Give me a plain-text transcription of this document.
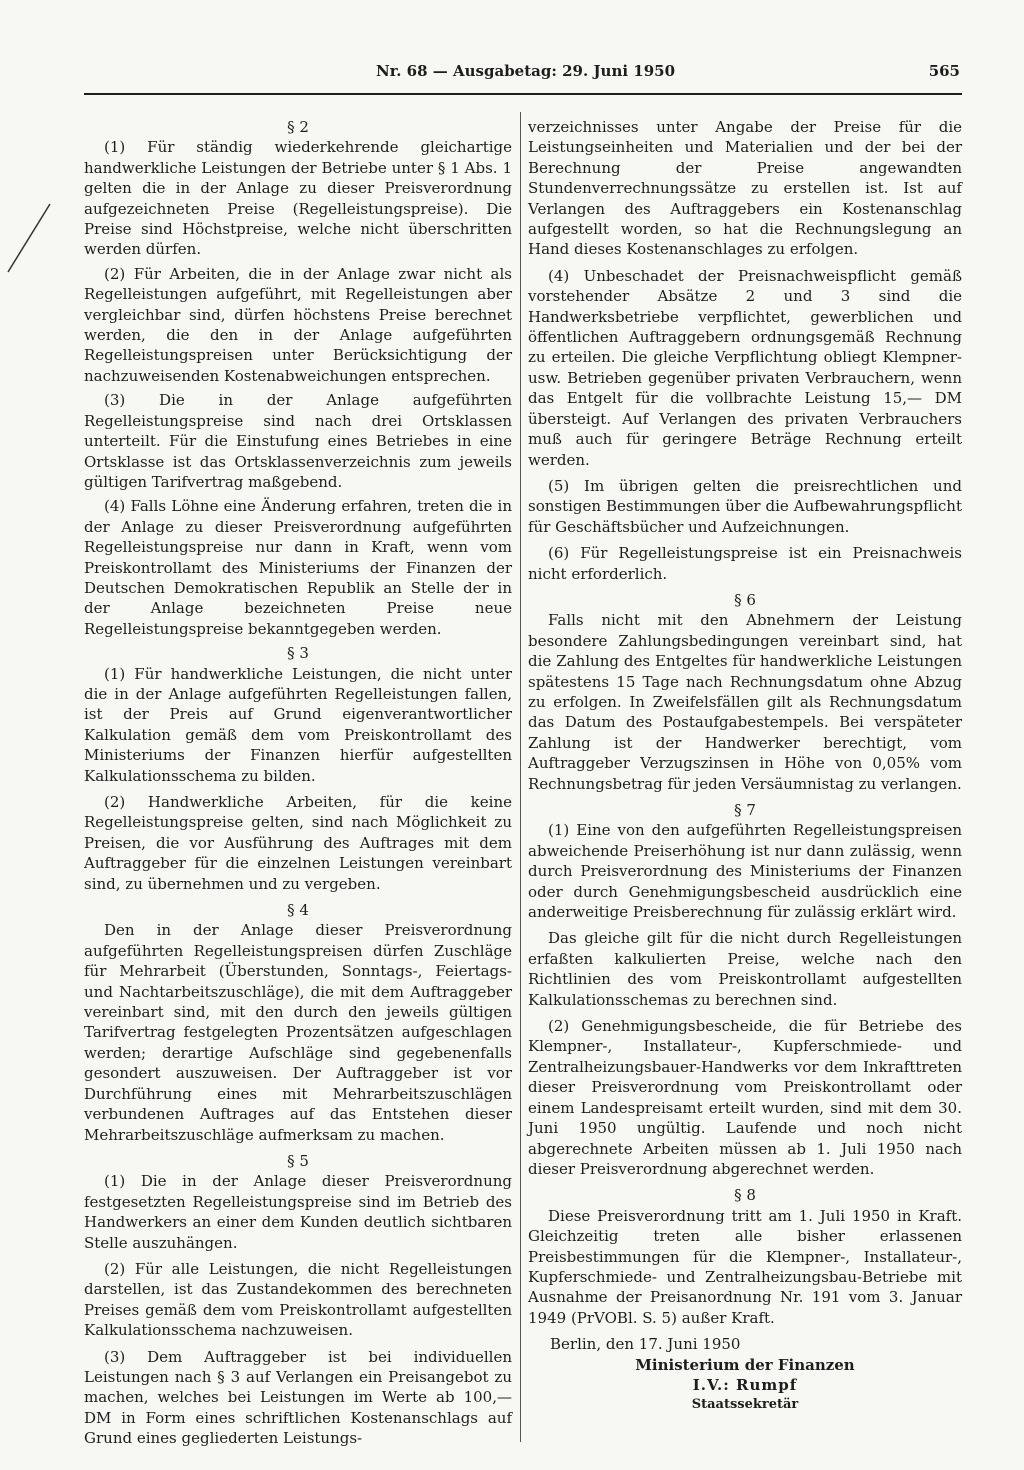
Nr. 68 — Ausgabetag: 29. Juni 1950	565

§ 2

(1) Für ständig wiederkehrende gleichartige handwerkliche Leistungen der Betriebe unter § 1 Abs. 1 gelten die in der Anlage zu dieser Preisverordnung aufgezeichneten Preise (Regelleistungspreise). Die Preise sind Höchstpreise, welche nicht überschritten werden dürfen.

(2) Für Arbeiten, die in der Anlage zwar nicht als Regelleistungen aufgeführt, mit Regelleistungen aber vergleichbar sind, dürfen höchstens Preise berechnet werden, die den in der Anlage aufgeführten Regelleistungspreisen unter Berücksichtigung der nachzuweisenden Kostenabweichungen entsprechen.

(3) Die in der Anlage aufgeführten Regelleistungspreise sind nach drei Ortsklassen unterteilt. Für die Einstufung eines Betriebes in eine Ortsklasse ist das Ortsklassenverzeichnis zum jeweils gültigen Tarifvertrag maßgebend.

(4) Falls Löhne eine Änderung erfahren, treten die in der Anlage zu dieser Preisverordnung aufgeführten Regelleistungspreise nur dann in Kraft, wenn vom Preiskontrollamt des Ministeriums der Finanzen der Deutschen Demokratischen Republik an Stelle der in der Anlage bezeichneten Preise neue Regelleistungspreise bekanntgegeben werden.

§ 3

(1) Für handwerkliche Leistungen, die nicht unter die in der Anlage aufgeführten Regelleistungen fallen, ist der Preis auf Grund eigenverantwortlicher Kalkulation gemäß dem vom Preiskontrollamt des Ministeriums der Finanzen hierfür aufgestellten Kalkulationsschema zu bilden.

(2) Handwerkliche Arbeiten, für die keine Regelleistungspreise gelten, sind nach Möglichkeit zu Preisen, die vor Ausführung des Auftrages mit dem Auftraggeber für die einzelnen Leistungen vereinbart sind, zu übernehmen und zu vergeben.

§ 4

Den in der Anlage dieser Preisverordnung aufgeführten Regelleistungspreisen dürfen Zuschläge für Mehrarbeit (Überstunden, Sonntags-, Feiertags- und Nachtarbeitszuschläge), die mit dem Auftraggeber vereinbart sind, mit den durch den jeweils gültigen Tarifvertrag festgelegten Prozentsätzen aufgeschlagen werden; derartige Aufschläge sind gegebenenfalls gesondert auszuweisen. Der Auftraggeber ist vor Durchführung eines mit Mehrarbeitszuschlägen verbundenen Auftrages auf das Entstehen dieser Mehrarbeitszuschläge aufmerksam zu machen.

§ 5

(1) Die in der Anlage dieser Preisverordnung festgesetzten Regelleistungspreise sind im Betrieb des Handwerkers an einer dem Kunden deutlich sichtbaren Stelle auszuhängen.

(2) Für alle Leistungen, die nicht Regelleistungen darstellen, ist das Zustandekommen des berechneten Preises gemäß dem vom Preiskontrollamt aufgestellten Kalkulationsschema nachzuweisen.

(3) Dem Auftraggeber ist bei individuellen Leistungen nach § 3 auf Verlangen ein Preisangebot zu machen, welches bei Leistungen im Werte ab 100,— DM in Form eines schriftlichen Kostenanschlags auf Grund eines gegliederten Leistungs-

verzeichnisses unter Angabe der Preise für die Leistungseinheiten und Materialien und der bei der Berechnung der Preise angewandten Stundenverrechnungssätze zu erstellen ist. Ist auf Verlangen des Auftraggebers ein Kostenanschlag aufgestellt worden, so hat die Rechnungslegung an Hand dieses Kostenanschlages zu erfolgen.

(4) Unbeschadet der Preisnachweispflicht gemäß vorstehender Absätze 2 und 3 sind die Handwerksbetriebe verpflichtet, gewerblichen und öffentlichen Auftraggebern ordnungsgemäß Rechnung zu erteilen. Die gleiche Verpflichtung obliegt Klempner- usw. Betrieben gegenüber privaten Verbrauchern, wenn das Entgelt für die vollbrachte Leistung 15,— DM übersteigt. Auf Verlangen des privaten Verbrauchers muß auch für geringere Beträge Rechnung erteilt werden.

(5) Im übrigen gelten die preisrechtlichen und sonstigen Bestimmungen über die Aufbewahrungspflicht für Geschäftsbücher und Aufzeichnungen.

(6) Für Regelleistungspreise ist ein Preisnachweis nicht erforderlich.

§ 6

Falls nicht mit den Abnehmern der Leistung besondere Zahlungsbedingungen vereinbart sind, hat die Zahlung des Entgeltes für handwerkliche Leistungen spätestens 15 Tage nach Rechnungsdatum ohne Abzug zu erfolgen. In Zweifelsfällen gilt als Rechnungsdatum das Datum des Postaufgabestempels. Bei verspäteter Zahlung ist der Handwerker berechtigt, vom Auftraggeber Verzugszinsen in Höhe von 0,05% vom Rechnungsbetrag für jeden Versäumnistag zu verlangen.

§ 7

(1) Eine von den aufgeführten Regelleistungspreisen abweichende Preiserhöhung ist nur dann zulässig, wenn durch Preisverordnung des Ministeriums der Finanzen oder durch Genehmigungsbescheid ausdrücklich eine anderweitige Preisberechnung für zulässig erklärt wird.

Das gleiche gilt für die nicht durch Regelleistungen erfaßten kalkulierten Preise, welche nach den Richtlinien des vom Preiskontrollamt aufgestellten Kalkulationsschemas zu berechnen sind.

(2) Genehmigungsbescheide, die für Betriebe des Klempner-, Installateur-, Kupferschmiede- und Zentralheizungsbauer-Handwerks vor dem Inkrafttreten dieser Preisverordnung vom Preiskontrollamt oder einem Landespreisamt erteilt wurden, sind mit dem 30. Juni 1950 ungültig. Laufende und noch nicht abgerechnete Arbeiten müssen ab 1. Juli 1950 nach dieser Preisverordnung abgerechnet werden.

§ 8

Diese Preisverordnung tritt am 1. Juli 1950 in Kraft. Gleichzeitig treten alle bisher erlassenen Preisbestimmungen für die Klempner-, Installateur-, Kupferschmiede- und Zentralheizungsbau-Betriebe mit Ausnahme der Preisanordnung Nr. 191 vom 3. Januar 1949 (PrVOBl. S. 5) außer Kraft.

Berlin, den 17. Juni 1950

Ministerium der Finanzen

I.V.: Rumpf

Staatssekretär
